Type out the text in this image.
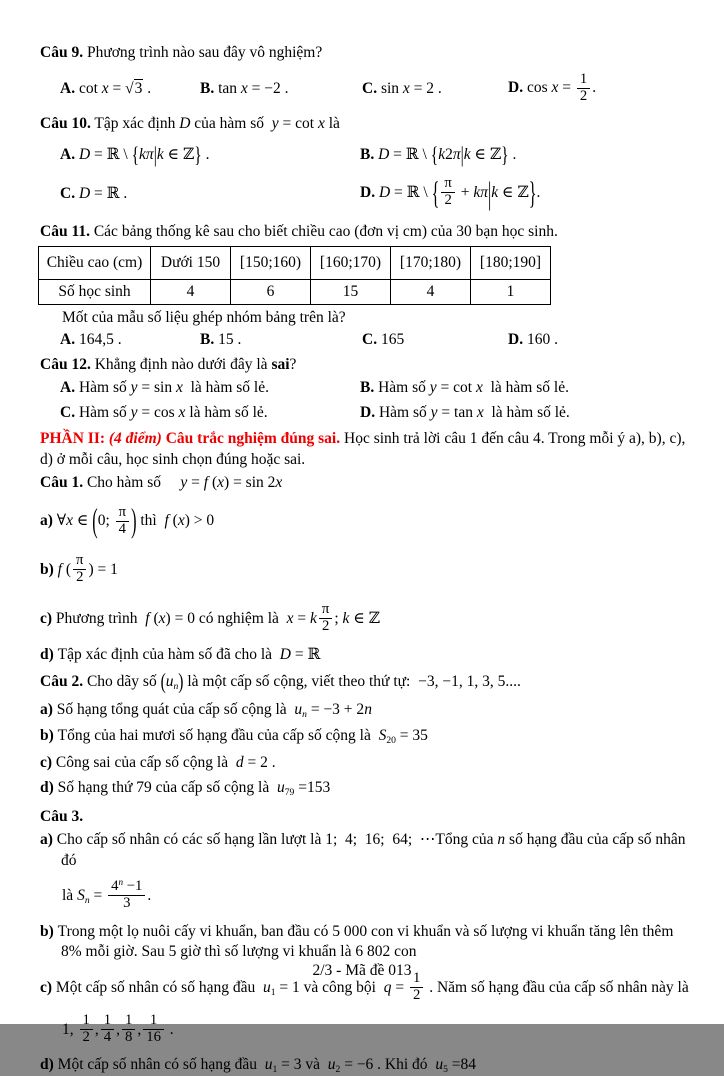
Câu 9. Phương trình nào sau đây vô nghiệm?
A. cot x = √3 .	B. tan x = −2 .	C. sin x = 2 .	D. $\cos x = \frac{1}{2}$ .
Câu 10. Tập xác định D của hàm số  y = cot x là
A. D = ℝ \ {kπ|k ∈ ℤ} .	B. D = ℝ \ {k2π|k ∈ ℤ} .
C. D = ℝ .	D. D = ℝ \ { $\frac{\pi}{2} + k\pi|k$ ∈ ℤ}.
Câu 11. Các bảng thống kê sau cho biết chiều cao (đơn vị cm) của 30 bạn học sinh.
Chiều cao (cm)	Dưới 150	[150;160)	[160;170)	[170;180)	[180;190]
Số học sinh	4	6	15	4	1
Mốt của mẫu số liệu ghép nhóm bảng trên là?
A. 164,5 .	B. 15 .	C. 165	D. 160 .
Câu 12. Khẳng định nào dưới đây là sai?
A. Hàm số y = sin x  là hàm số lẻ.	B. Hàm số y = cot x  là hàm số lẻ.
C. Hàm số y = cos x là hàm số lẻ.	D. Hàm số y = tan x  là hàm số lẻ.
PHẦN II: (4 điểm) Câu trắc nghiệm đúng sai. Học sinh trả lời câu 1 đến câu 4. Trong mỗi ý a), b), c), d) ở mỗi câu, học sinh chọn đúng hoặc sai.
Câu 1. Cho hàm số     y = f (x) = sin 2x
a) ∀x ∈ (0; $\frac{\pi}{4}$ ) thì  f (x) > 0
b) f ( $\frac{\pi}{2}$ ) = 1
c) Phương trình  f (x) = 0 có nghiệm là  x = k $\frac{\pi}{2}$ ; k ∈ ℤ
d) Tập xác định của hàm số đã cho là  D = ℝ
Câu 2. Cho dãy số $(u_n)$ là một cấp số cộng, viết theo thứ tự:  −3, −1, 1, 3, 5....
a) Số hạng tổng quát của cấp số cộng là  $u_n = -3 + 2n$
b) Tổng của hai mươi số hạng đầu của cấp số cộng là  $S_{20} = 35$
c) Công sai của cấp số cộng là  d = 2 .
d) Số hạng thứ 79 của cấp số cộng là  $u_{79} =153$
Câu 3.
a) Cho cấp số nhân có các số hạng lần lượt là 1;  4;  16;  64;  ⋯Tổng của n số hạng đầu của cấp số nhân đó
là $S_n = \frac{4^n -1}{3}$ .
b) Trong một lọ nuôi cấy vi khuẩn, ban đầu có 5 000 con vi khuẩn và số lượng vi khuẩn tăng lên thêm 8% mỗi giờ. Sau 5 giờ thì số lượng vi khuẩn là 6 802 con
c) Một cấp số nhân có số hạng đầu  $u_1 = 1$ và công bội  $q = \frac{1}{2}$ . Năm số hạng đầu của cấp số nhân này là
1, $\frac{1}{2}$ , $\frac{1}{4}$ , $\frac{1}{8}$ , $\frac{1}{16}$ .
d) Một cấp số nhân có số hạng đầu  $u_1 = 3$ và  $u_2 = -6$ . Khi đó  $u_5 =84$
2/3 - Mã đề 013
